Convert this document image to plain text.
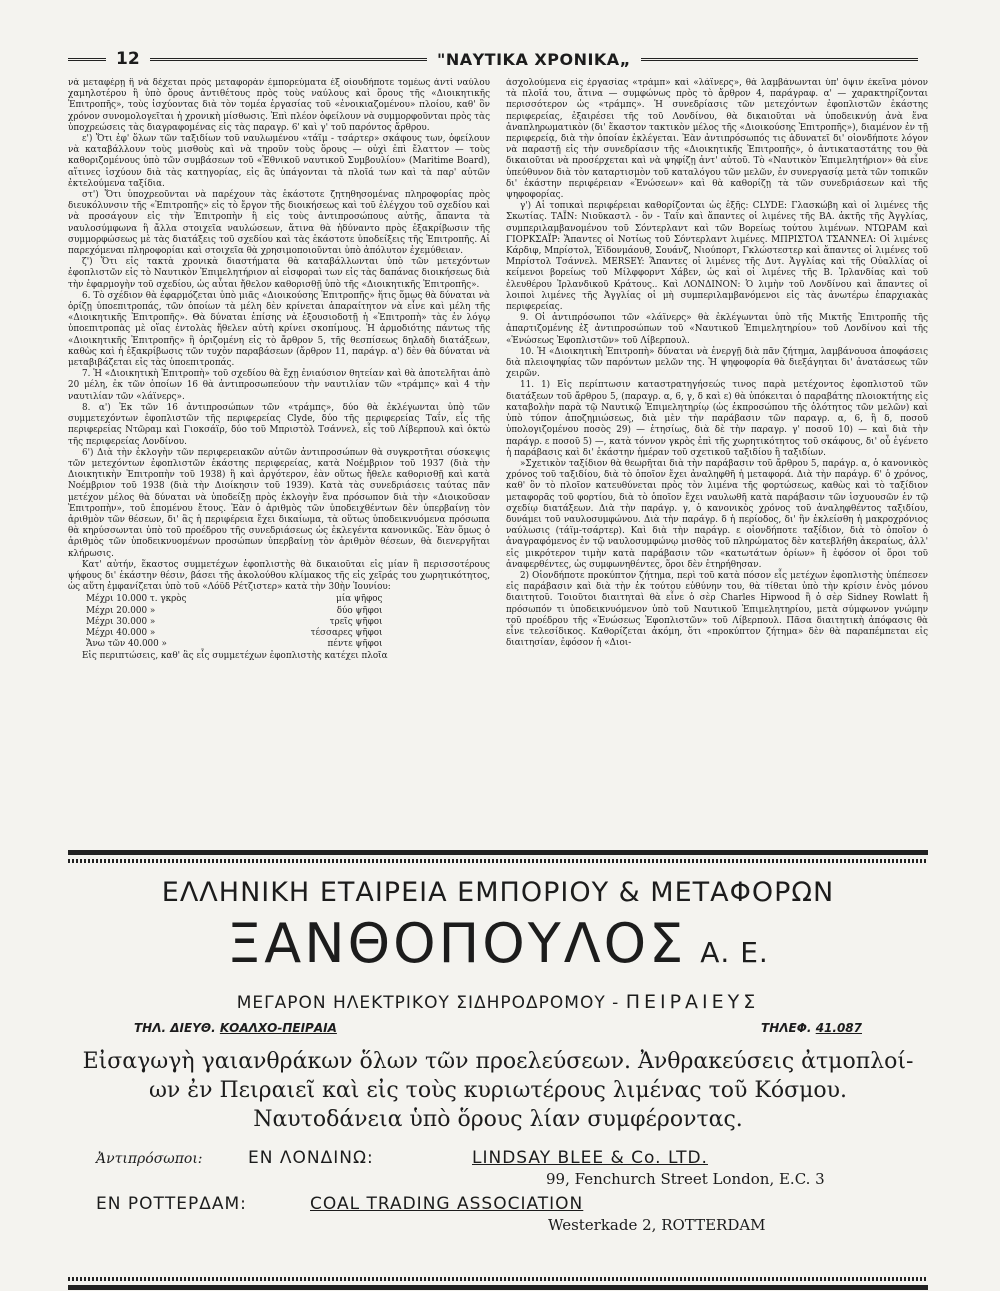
12	"ΝΑΥΤΙΚΑ ΧΡΟΝΙΚΑ„

νὰ μεταφέρῃ ἢ νὰ δέχεται πρὸς μεταφορὰν ἐμπορεύματα ἐξ οἱουδήποτε τομέως ἀντὶ ναύλου χαμηλοτέρου ἢ ὑπὸ ὅρους ἀντιθέτους πρὸς τοὺς ναύλους καὶ ὅρους τῆς «Διοικητικῆς Ἐπιτροπῆς», τοὺς ἰσχύοντας διὰ τὸν τομέα ἐργασίας τοῦ «ἐνοικιαζομένου» πλοίου, καθ' ὃν χρόνον συνομολογεῖται ἡ χρονικὴ μίσθωσις. Ἐπὶ πλέον ὀφείλουν νὰ συμμορφοῦνται πρὸς τὰς ὑποχρεώσεις τὰς διαγραφομένας εἰς τὰς παραγρ. 6' καὶ γ' τοῦ παρόντος ἄρθρου.

ε') Ὅτι ἐφ' ὅλων τῶν ταξιδίων τοῦ ναυλωμένου «τάϊμ - τσάρτερ» σκάφους των, ὀφείλουν νὰ καταβάλλουν τοὺς μισθοὺς καὶ νὰ τηροῦν τοὺς ὅρους — οὐχὶ ἐπὶ ἔλαττον — τοὺς καθοριζομένους ὑπὸ τῶν συμβάσεων τοῦ «Ἐθνικοῦ ναυτικοῦ Συμβουλίου» (Maritime Board), αἵτινες ἰσχύουν διὰ τὰς κατηγορίας, εἰς ἃς ὑπάγονται τὰ πλοῖά των καὶ τὰ παρ' αὐτῶν ἐκτελούμενα ταξίδια.

στ') Ὅτι ὑποχρεοῦνται νὰ παρέχουν τὰς ἑκάστοτε ζητηθησομένας πληροφορίας πρὸς διευκόλυνσιν τῆς «Ἐπιτροπῆς» εἰς τὸ ἔργον τῆς διοικήσεως καὶ τοῦ ἐλέγχου τοῦ σχεδίου καὶ νὰ προσάγουν εἰς τὴν Ἐπιτροπὴν ἢ εἰς τοὺς ἀντιπροσώπους αὐτῆς, ἅπαντα τὰ ναυλοσύμφωνα ἢ ἄλλα στοιχεῖα ναυλώσεων, ἅτινα θὰ ἠδύναντο πρὸς ἐξακρίβωσιν τῆς συμμορφώσεως μὲ τὰς διατάξεις τοῦ σχεδίου καὶ τὰς ἑκάστοτε ὑποδείξεις τῆς Ἐπιτροπῆς. Αἱ παρεχόμεναι πληροφορίαι καὶ στοιχεῖα θὰ χρησιμοποιοῦνται ὑπὸ ἀπόλυτον ἐχεμύθειαν.

ζ') Ὅτι εἰς τακτὰ χρονικὰ διαστήματα θὰ καταβάλλωνται ὑπὸ τῶν μετεχόντων ἐφοπλιστῶν εἰς τὸ Ναυτικὸν Ἐπιμελητήριον αἱ εἰσφοραὶ των εἰς τὰς δαπάνας διοικήσεως διὰ τὴν ἐφαρμογὴν τοῦ σχεδίου, ὡς αὗται ἤθελον καθορισθῇ ὑπὸ τῆς «Διοικητικῆς Ἐπιτροπῆς».

6. Τὸ σχέδιον θὰ ἐφαρμόζεται ὑπὸ μιᾶς «Διοικούσης Ἐπιτροπῆς» ἥτις ὅμως θὰ δύναται νὰ ὁρίζῃ ὑποεπιτροπάς, τῶν ὁποίων τὰ μέλη δὲν κρίνεται ἀπαραίτητον νὰ εἶνε καὶ μέλη τῆς «Διοικητικῆς Ἐπιτροπῆς». Θὰ δύναται ἐπίσης νὰ ἐξουσιοδοτῇ ἡ «Ἐπιτροπὴ» τὰς ἐν λόγῳ ὑποεπιτροπὰς μὲ οἵας ἐντολὰς ἤθελεν αὐτὴ κρίνει σκοπίμους. Ἡ ἁρμοδιότης πάντως τῆς «Διοικητικῆς Ἐπιτροπῆς» ἢ ὁριζομένη εἰς τὸ ἄρθρον 5, τῆς θεσπίσεως δηλαδὴ διατάξεων, καθὼς καὶ ἡ ἐξακρίβωσις τῶν τυχὸν παραβάσεων (ἄρθρον 11, παράγρ. α') δὲν θὰ δύναται νὰ μεταβιβάζεται εἰς τὰς ὑποεπιτροπάς.

7. Ἡ «Διοικητικὴ Ἐπιτροπὴ» τοῦ σχεδίου θὰ ἔχῃ ἐνιαύσιον θητείαν καὶ θὰ ἀποτελῆται ἀπὸ 20 μέλη, ἐκ τῶν ὁποίων 16 θὰ ἀντιπροσωπεύουν τὴν ναυτιλίαν τῶν «τράμπς» καὶ 4 τὴν ναυτιλίαν τῶν «λάϊνερς».

8. α') Ἐκ τῶν 16 ἀντιπροσώπων τῶν «τράμπς», δύο θὰ ἐκλέγωνται ὑπὸ τῶν συμμετεχόντων ἐφοπλιστῶν τῆς περιφερείας Clyde, δύο τῆς περιφερείας Ταΐν, εἷς τῆς περιφερείας Ντῶραμ καὶ Γιοκσάϊρ, δύο τοῦ Μπριστὸλ Τσάννελ, εἷς τοῦ Λίβερπουλ καὶ ὀκτὼ τῆς περιφερείας Λονδίνου.

6') Διὰ τὴν ἐκλογὴν τῶν περιφερειακῶν αὐτῶν ἀντιπροσώπων θὰ συγκροτῆται σύσκεψις τῶν μετεχόντων ἐφοπλιστῶν ἑκάστης περιφερείας, κατὰ Νοέμβριον τοῦ 1937 (διὰ τὴν Διοικητικὴν Ἐπιτροπὴν τοῦ 1938) ἢ καὶ ἀργότερον, ἐὰν οὕτως ἤθελε καθορισθῇ καὶ κατὰ Νοέμβριον τοῦ 1938 (διὰ τὴν Διοίκησιν τοῦ 1939). Κατὰ τὰς συνεδριάσεις ταύτας πᾶν μετέχον μέλος θὰ δύναται νὰ ὑποδείξῃ πρὸς ἐκλογὴν ἕνα πρόσωπον διὰ τὴν «Διοικοῦσαν Ἐπιτροπὴν», τοῦ ἑπομένου ἔτους. Ἐὰν ὁ ἀριθμὸς τῶν ὑποδειχθέντων δὲν ὑπερβαίνῃ τὸν ἀριθμὸν τῶν θέσεων, δι' ἃς ἡ περιφέρεια ἔχει δικαίωμα, τὰ οὕτως ὑποδεικνυόμενα πρόσωπα θὰ κηρύσσωνται ὑπὸ τοῦ προέδρου τῆς συνεδριάσεως ὡς ἐκλεγέντα κανονικῶς. Ἐὰν ὅμως ὁ ἀριθμὸς τῶν ὑποδεικνυομένων προσώπων ὑπερβαίνῃ τὸν ἀριθμὸν θέσεων, θὰ διενεργῆται κλήρωσις.

Κατ' αὐτήν, ἕκαστος συμμετέχων ἐφοπλιστὴς θὰ δικαιοῦται εἰς μίαν ἢ περισσοτέρους ψήφους δι' ἑκάστην θέσιν, βάσει τῆς ἀκολούθου κλίμακος τῆς εἰς χεῖράς του χωρητικότητος, ὡς αὕτη ἐμφανίζεται ὑπὸ τοῦ «Λόϋδ Ρέτζιστερ» κατὰ τὴν 30ὴν Ἰουνίου:

Μέχρι 10.000 τ. γκρὸς	μία ψῆφος
Μέχρι 20.000 »	δύο ψῆφοι
Μέχρι 30.000 »	τρεῖς ψῆφοι
Μέχρι 40.000 »	τέσσαρες ψῆφοι
Ἄνω τῶν 40.000 »	πέντε ψῆφοι

Εἰς περιπτώσεις, καθ' ἃς εἷς συμμετέχων ἐφοπλιστὴς κατέχει πλοῖα

ἀσχολούμενα εἰς ἐργασίας «τράμπ» καὶ «λάϊνερς», θὰ λαμβάνωνται ὑπ' ὄψιν ἐκεῖνα μόνον τὰ πλοῖά του, ἅτινα — συμφώνως πρὸς τὸ ἄρθρον 4, παράγραφ. α' — χαρακτηρίζονται περισσότερον ὡς «τράμπς». Ἡ συνεδρίασις τῶν μετεχόντων ἐφοπλιστῶν ἑκάστης περιφερείας, ἐξαιρέσει τῆς τοῦ Λονδίνου, θὰ δικαιοῦται νὰ ὑποδεικνύῃ ἀνὰ ἕνα ἀναπληρωματικὸν (δι' ἕκαστον τακτικὸν μέλος τῆς «Διοικούσης Ἐπιτροπῆς»), διαμένον ἐν τῇ περιφερείᾳ, διὰ τὴν ὁποίαν ἐκλέγεται. Ἐὰν ἀντιπρόσωπός τις ἀδυνατεῖ δι' οἱονδήποτε λόγον νὰ παραστῇ εἰς τὴν συνεδρίασιν τῆς «Διοικητικῆς Ἐπιτροπῆς», ὁ ἀντικαταστάτης του θὰ δικαιοῦται νὰ προσέρχεται καὶ νὰ ψηφίζῃ ἀντ' αὐτοῦ. Τὸ «Ναυτικὸν Ἐπιμελητήριον» θὰ εἶνε ὑπεύθυνον διὰ τὸν καταρτισμὸν τοῦ καταλόγου τῶν μελῶν, ἐν συνεργασίᾳ μετὰ τῶν τοπικῶν δι' ἑκάστην περιφέρειαν «Ἑνώσεων» καὶ θὰ καθορίζῃ τὰ τῶν συνεδριάσεων καὶ τῆς ψηφοφορίας.

γ') Αἱ τοπικαὶ περιφέρειαι καθορίζονται ὡς ἑξῆς: CLYDE: Γλασκώβη καὶ οἱ λιμένες τῆς Σκωτίας. ΤΑΪΝ: Νιοῦκαστλ - ὂν - Ταΐν καὶ ἅπαντες οἱ λιμένες τῆς ΒΑ. ἀκτῆς τῆς Ἀγγλίας, συμπεριλαμβανομένου τοῦ Σόντερλαντ καὶ τῶν Βορείως τούτου λιμένων. ΝΤΩΡΑΜ καὶ ΓΙΟΡΚΣΑΪΡ: Ἅπαντες οἱ Νοτίως τοῦ Σόντερλαντ λιμένες. ΜΠΡΙΣΤΟΛ ΤΣΑΝΝΕΛ: Οἱ λιμένες Κάρδιφ, Μπρίστολ, Ἐϊδονμάουθ, Σουάνζ, Νιούπορτ, Γκλώστεστερ καὶ ἅπαντες οἱ λιμένες τοῦ Μπρίστολ Τσάννελ. MERSEY: Ἅπαντες οἱ λιμένες τῆς Δυτ. Ἀγγλίας καὶ τῆς Οὐαλλίας οἱ κείμενοι βορείως τοῦ Μίλφφορντ Χάβεν, ὡς καὶ οἱ λιμένες τῆς Β. Ἰρλανδίας καὶ τοῦ ἐλευθέρου Ἰρλανδικοῦ Κράτους.. Καὶ ΛΟΝΔΙΝΟΝ: Ὁ λιμὴν τοῦ Λονδίνου καὶ ἅπαντες οἱ λοιποὶ λιμένες τῆς Ἀγγλίας οἱ μὴ συμπεριλαμβανόμενοι εἰς τὰς ἀνωτέρω ἐπαρχιακὰς περιφερείας.

9. Οἱ ἀντιπρόσωποι τῶν «λάϊνερς» θὰ ἐκλέγωνται ὑπὸ τῆς Μικτῆς Ἐπιτροπῆς τῆς ἀπαρτιζομένης ἐξ ἀντιπροσώπων τοῦ «Ναυτικοῦ Ἐπιμελητηρίου» τοῦ Λονδίνου καὶ τῆς «Ἑνώσεως Ἐφοπλιστῶν» τοῦ Λίβερπουλ.

10. Ἡ «Διοικητικὴ Ἐπιτροπὴ» δύναται νὰ ἐνεργῇ διὰ πᾶν ζήτημα, λαμβάνουσα ἀποφάσεις διὰ πλειοψηφίας τῶν παρόντων μελῶν της. Ἡ ψηφοφορία θὰ διεξάγηται δι' ἀνατάσεως τῶν χειρῶν.

11. 1) Εἰς περίπτωσιν καταστρατηγήσεώς τινος παρὰ μετέχοντος ἐφοπλιστοῦ τῶν διατάξεων τοῦ ἄρθρου 5, (παραγρ. α, 6, γ, δ καὶ ε) θὰ ὑπόκειται ὁ παραβάτης πλοιοκτήτης εἰς καταβολὴν παρὰ τῷ Ναυτικῷ Ἐπιμελητηρίῳ (ὡς ἐκπροσώπου τῆς ὁλότητος τῶν μελῶν) καὶ ὑπὸ τύπον ἀποζημιώσεως, διὰ μὲν τὴν παράβασιν τῶν παραγρ. α, 6, ἢ δ, ποσοῦ ὑπολογιζομένου ποσὸς 29) — ἐτησίως, διὰ δὲ τὴν παραγρ. γ' ποσοῦ 10) — καὶ διὰ τὴν παράγρ. ε ποσοῦ 5) —, κατὰ τόννον γκρὸς ἐπὶ τῆς χωρητικότητος τοῦ σκάφους, δι' οὗ ἐγένετο ἡ παράβασις καὶ δι' ἑκάστην ἡμέραν τοῦ σχετικοῦ ταξιδίου ἢ ταξιδίων.

»Σχετικὸν ταξίδιον θὰ θεωρῆται διὰ τὴν παράβασιν τοῦ ἄρθρου 5, παράγρ. α, ὁ κανονικὸς χρόνος τοῦ ταξιδίου, διὰ τὸ ὁποῖον ἔχει ἀναληφθῆ ἡ μεταφορά. Διὰ τὴν παράγρ. 6' ὁ χρόνος, καθ' ὃν τὸ πλοῖον κατευθύνεται πρὸς τὸν λιμένα τῆς φορτώσεως, καθὼς καὶ τὸ ταξίδιον μεταφορᾶς τοῦ φορτίου, διὰ τὸ ὁποῖον ἔχει ναυλωθῆ κατὰ παράβασιν τῶν ἰσχυουσῶν ἐν τῷ σχεδίῳ διατάξεων. Διὰ τὴν παράγρ. γ, ὁ κανονικὸς χρόνος τοῦ ἀναληφθέντος ταξιδίου, δυνάμει τοῦ ναυλοσυμφώνου. Διὰ τὴν παράγρ. δ ἡ περίοδος, δι' ἣν ἐκλείσθη ἡ μακροχρόνιος ναύλωσις (τάϊμ-τσάρτερ). Καὶ διὰ τὴν παράγρ. ε οἱονδήποτε ταξίδιον, διὰ τὸ ὁποῖον ὁ ἀναγραφόμενος ἐν τῷ ναυλοσυμφώνῳ μισθὸς τοῦ πληρώματος δὲν κατεβλήθη ἀκεραίως, ἀλλ' εἰς μικρότερον τιμὴν κατὰ παράβασιν τῶν «κατωτάτων ὁρίων» ἢ ἐφόσον οἱ ὅροι τοῦ ἀναφερθέντες, ὡς συμφωνηθέντες, ὅροι δὲν ἐτηρήθησαν.

2) Οἱονδήποτε προκύπτον ζήτημα, περὶ τοῦ κατὰ πόσον εἷς μετέχων ἐφοπλιστὴς ὑπέπεσεν εἰς παράβασιν καὶ διὰ τὴν ἐκ τούτου εὐθύνην του, θὰ τίθεται ὑπὸ τὴν κρίσιν ἑνὸς μόνου διαιτητοῦ. Τοιοῦτοι διαιτηταὶ θὰ εἶνε ὁ σὲρ Charles Hipwood ἢ ὁ σὲρ Sidney Rowlatt ἢ πρόσωπόν τι ὑποδεικνυόμενον ὑπὸ τοῦ Ναυτικοῦ Ἐπιμελητηρίου, μετὰ σύμφωνον γνώμην τοῦ προέδρου τῆς «Ἑνώσεως Ἐφοπλιστῶν» τοῦ Λίβερπουλ. Πᾶσα διαιτητικὴ ἀπόφασις θὰ εἶνε τελεσίδικος. Καθορίζεται ἀκόμη, ὅτι «προκύπτον ζήτημα» δὲν θὰ παραπέμπεται εἰς διαιτησίαν, ἐφόσον ἡ «Διοι-

ΕΛΛΗΝΙΚΗ ΕΤΑΙΡΕΙΑ ΕΜΠΟΡΙΟΥ & ΜΕΤΑΦΟΡΩΝ
ΞΑΝΘΟΠΟΥΛΟΣ Α. Ε.
ΜΕΓΑΡΟΝ ΗΛΕΚΤΡΙΚΟΥ ΣΙΔΗΡΟΔΡΟΜΟΥ - ΠΕΙΡΑΙΕΥΣ
ΤΗΛ. ΔΙΕΥΘ. ΚΟΑΛΧΟ-ΠΕΙΡΑΙΑ	ΤΗΛΕΦ. 41.087
Εἰσαγωγὴ γαιανθράκων ὅλων τῶν προελεύσεων. Ἀνθρακεύσεις ἀτμοπλοί-
ων ἐν Πειραιεῖ καὶ εἰς τοὺς κυριωτέρους λιμένας τοῦ Κόσμου.
Ναυτοδάνεια ὑπὸ ὅρους λίαν συμφέροντας.
Ἀντιπρόσωποι:	ΕΝ ΛΟΝΔΙΝΩ:	LINDSAY BLEE & Co. LTD.
99, Fenchurch Street London, E.C. 3
ΕΝ ΡΟΤΤΕΡΔΑΜ:	COAL TRADING ASSOCIATION
Westerkade 2, ROTTERDAM
